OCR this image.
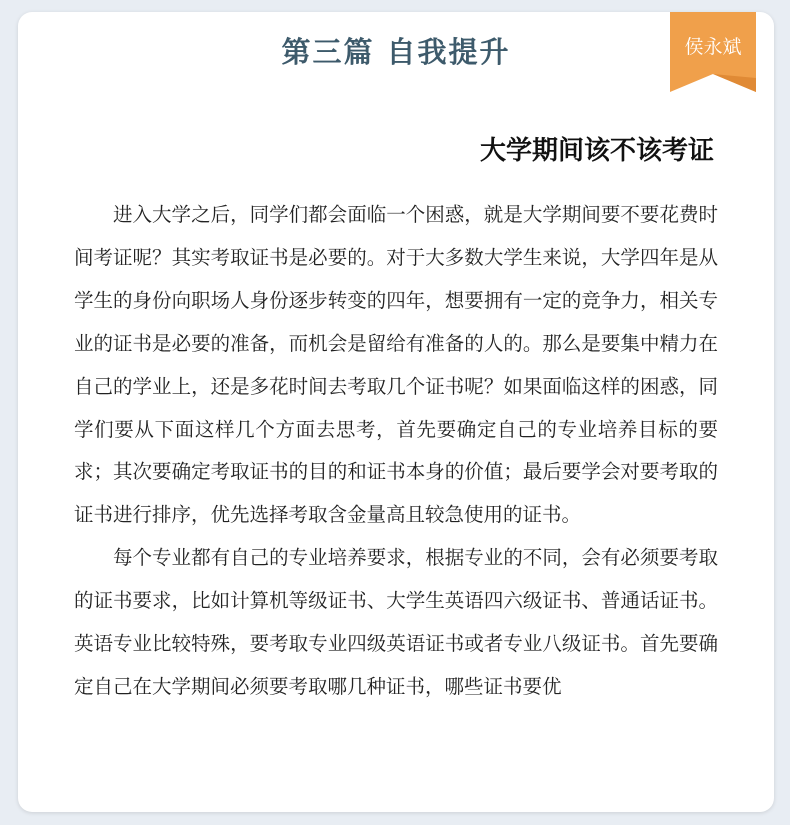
第三篇 自我提升	侯永斌
大学期间该不该考证

进入大学之后，同学们都会面临一个困惑，就是大学期间要不要花费时间考证呢？其实考取证书是必要的。对于大多数大学生来说，大学四年是从学生的身份向职场人身份逐步转变的四年，想要拥有一定的竞争力，相关专业的证书是必要的准备，而机会是留给有准备的人的。那么是要集中精力在自己的学业上，还是多花时间去考取几个证书呢？如果面临这样的困惑，同学们要从下面这样几个方面去思考，首先要确定自己的专业培养目标的要求；其次要确定考取证书的目的和证书本身的价值；最后要学会对要考取的证书进行排序，优先选择考取含金量高且较急使用的证书。

每个专业都有自己的专业培养要求，根据专业的不同，会有必须要考取的证书要求，比如计算机等级证书、大学生英语四六级证书、普通话证书。英语专业比较特殊，要考取专业四级英语证书或者专业八级证书。首先要确定自己在大学期间必须要考取哪几种证书，哪些证书要优
